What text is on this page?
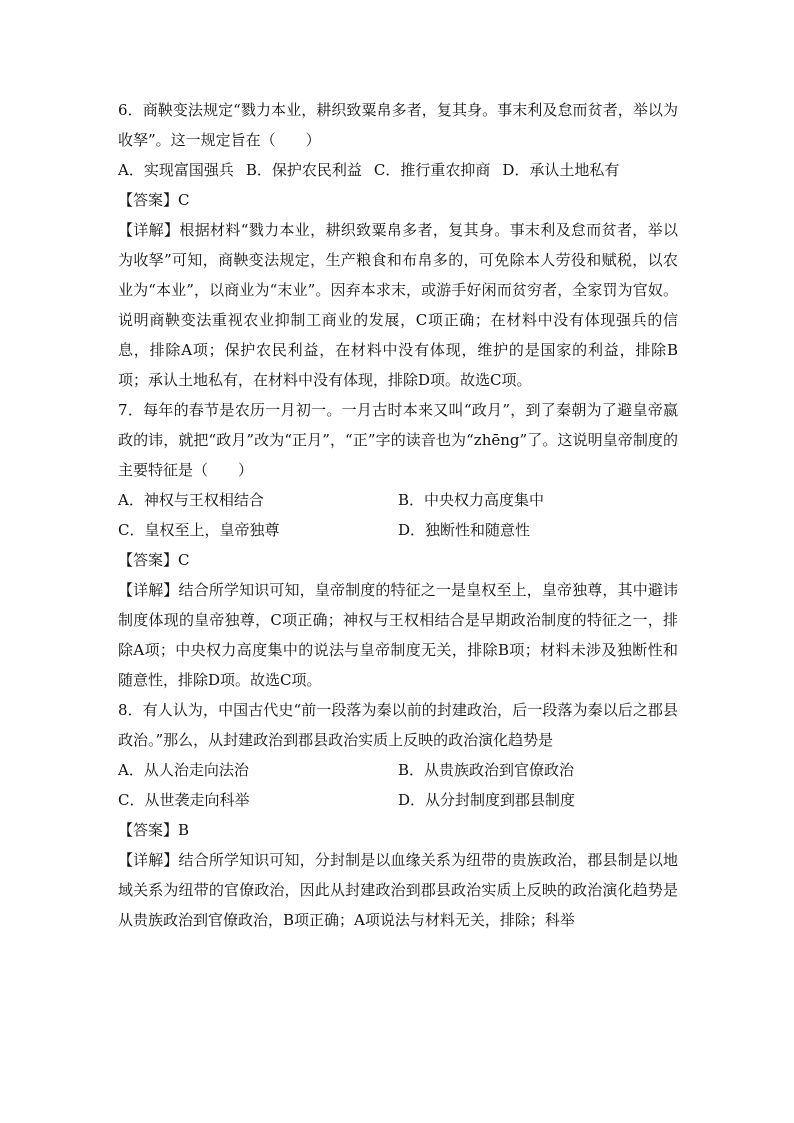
6．商鞅变法规定“戮力本业，耕织致粟帛多者，复其身。事末利及怠而贫者，举以为收孥”。这一规定旨在（　　）

A．实现富国强兵 B．保护农民利益 C．推行重农抑商 D．承认土地私有

【答案】C

【详解】根据材料“戮力本业，耕织致粟帛多者，复其身。事末利及怠而贫者，举以为收孥”可知，商鞅变法规定，生产粮食和布帛多的，可免除本人劳役和赋税，以农业为“本业”，以商业为“末业”。因弃本求末，或游手好闲而贫穷者，全家罚为官奴。说明商鞅变法重视农业抑制工商业的发展，C项正确；在材料中没有体现强兵的信息，排除A项；保护农民利益，在材料中没有体现，维护的是国家的利益，排除B项；承认土地私有，在材料中没有体现，排除D项。故选C项。

7．每年的春节是农历一月初一。一月古时本来又叫“政月”，到了秦朝为了避皇帝嬴政的讳，就把“政月”改为“正月”，“正”字的读音也为“zhēng”了。这说明皇帝制度的主要特征是（　　）

A．神权与王权相结合	B．中央权力高度集中
C．皇权至上，皇帝独尊	D．独断性和随意性

【答案】C

【详解】结合所学知识可知，皇帝制度的特征之一是皇权至上，皇帝独尊，其中避讳制度体现的皇帝独尊，C项正确；神权与王权相结合是早期政治制度的特征之一，排除A项；中央权力高度集中的说法与皇帝制度无关，排除B项；材料未涉及独断性和随意性，排除D项。故选C项。

8．有人认为，中国古代史“前一段落为秦以前的封建政治，后一段落为秦以后之郡县政治。”那么，从封建政治到郡县政治实质上反映的政治演化趋势是

A．从人治走向法治	B．从贵族政治到官僚政治
C．从世袭走向科举	D．从分封制度到郡县制度

【答案】B

【详解】结合所学知识可知，分封制是以血缘关系为纽带的贵族政治，郡县制是以地域关系为纽带的官僚政治，因此从封建政治到郡县政治实质上反映的政治演化趋势是从贵族政治到官僚政治，B项正确；A项说法与材料无关，排除；科举
